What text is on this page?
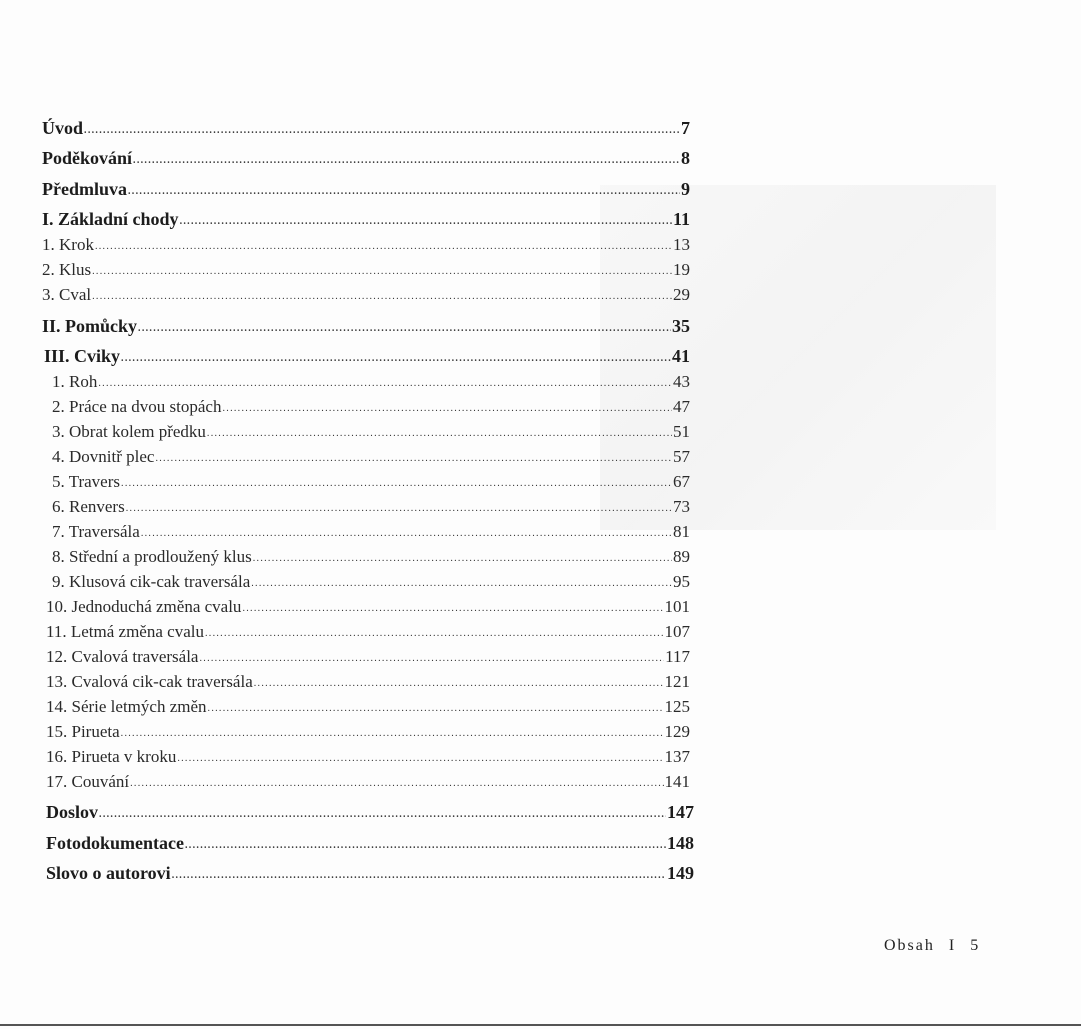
Úvod .....	7
Poděkování .....	8
Předmluva .....	9
I. Základní chody .....	11
1. Krok .....	13
2. Klus .....	19
3. Cval .....	29
II. Pomůcky .....	35
III. Cviky .....	41
1. Roh .....	43
2. Práce na dvou stopách .....	47
3. Obrat kolem předku .....	51
4. Dovnitř plec .....	57
5. Travers .....	67
6. Renvers .....	73
7. Traversála .....	81
8. Střední a prodloužený klus .....	89
9. Klusová cik-cak traversála .....	95
10. Jednoduchá změna cvalu .....	101
11. Letmá změna cvalu .....	107
12. Cvalová traversála .....	117
13. Cvalová cik-cak traversála .....	121
14. Série letmých změn .....	125
15. Pirueta .....	129
16. Pirueta v kroku .....	137
17. Couvání .....	141
Doslov .....	147
Fotodokumentace .....	148
Slovo o autorovi .....	149
Obsah I 5
